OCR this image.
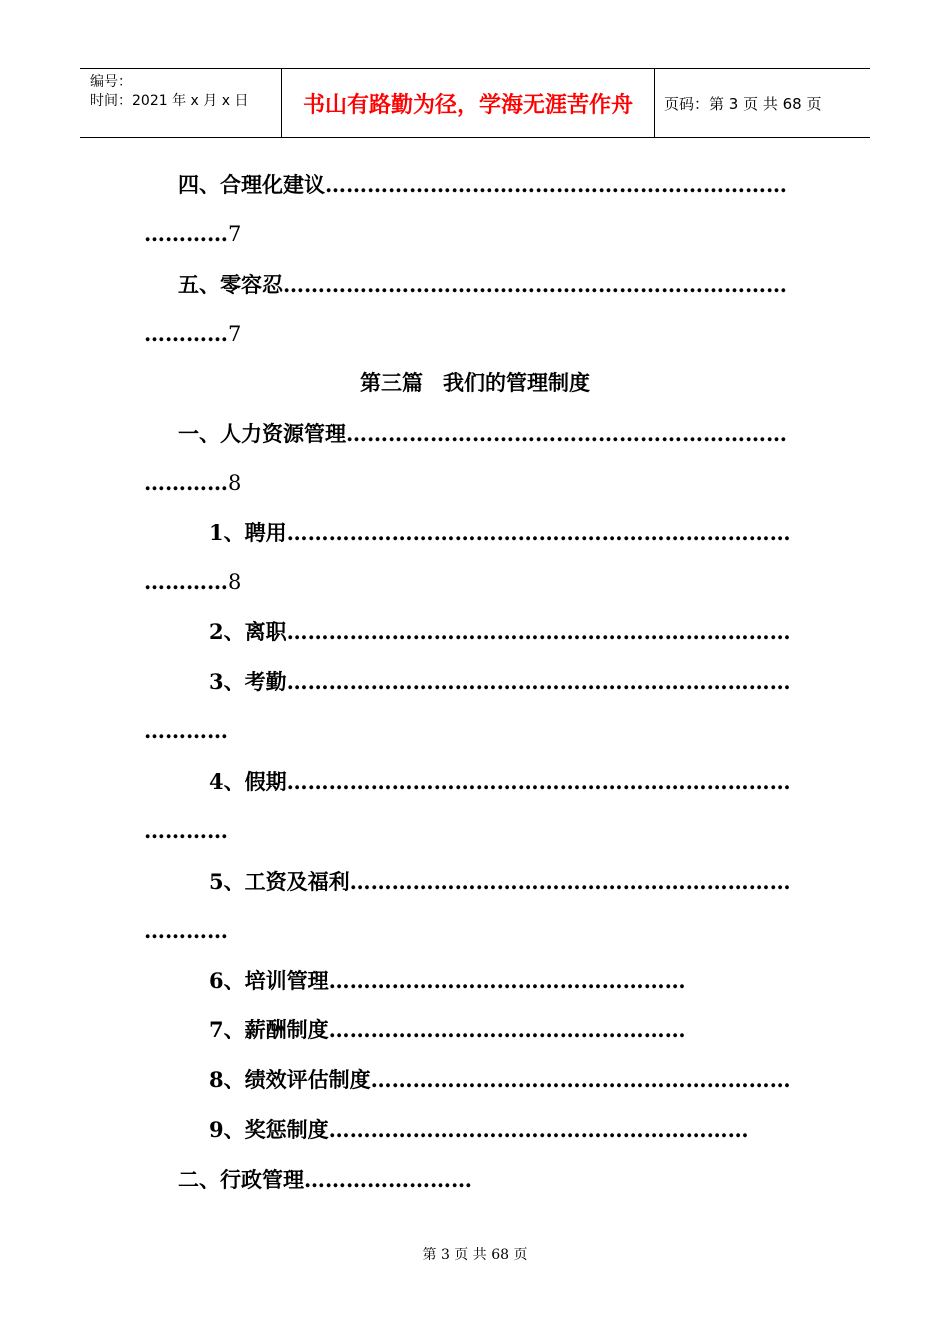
编号：
时间：2021 年 x 月 x 日	书山有路勤为径，学海无涯苦作舟	页码：第 3 页 共 68 页
四、合理化建议…………………………………………………………
…………7
五、零容忍………………………………………………………………
…………7
第三篇 我们的管理制度
一、人力资源管理………………………………………………………
…………8
1、聘用………………………………………………………………
…………8
2、离职………………………………………………………………
3、考勤………………………………………………………………
…………
4、假期………………………………………………………………
…………
5、工资及福利………………………………………………………
…………
6、培训管理……………………………………………
7、薪酬制度……………………………………………
8、绩效评估制度……………………………………………………
9、奖惩制度……………………………………………………
二、行政管理……………………
第 3 页 共 68 页
